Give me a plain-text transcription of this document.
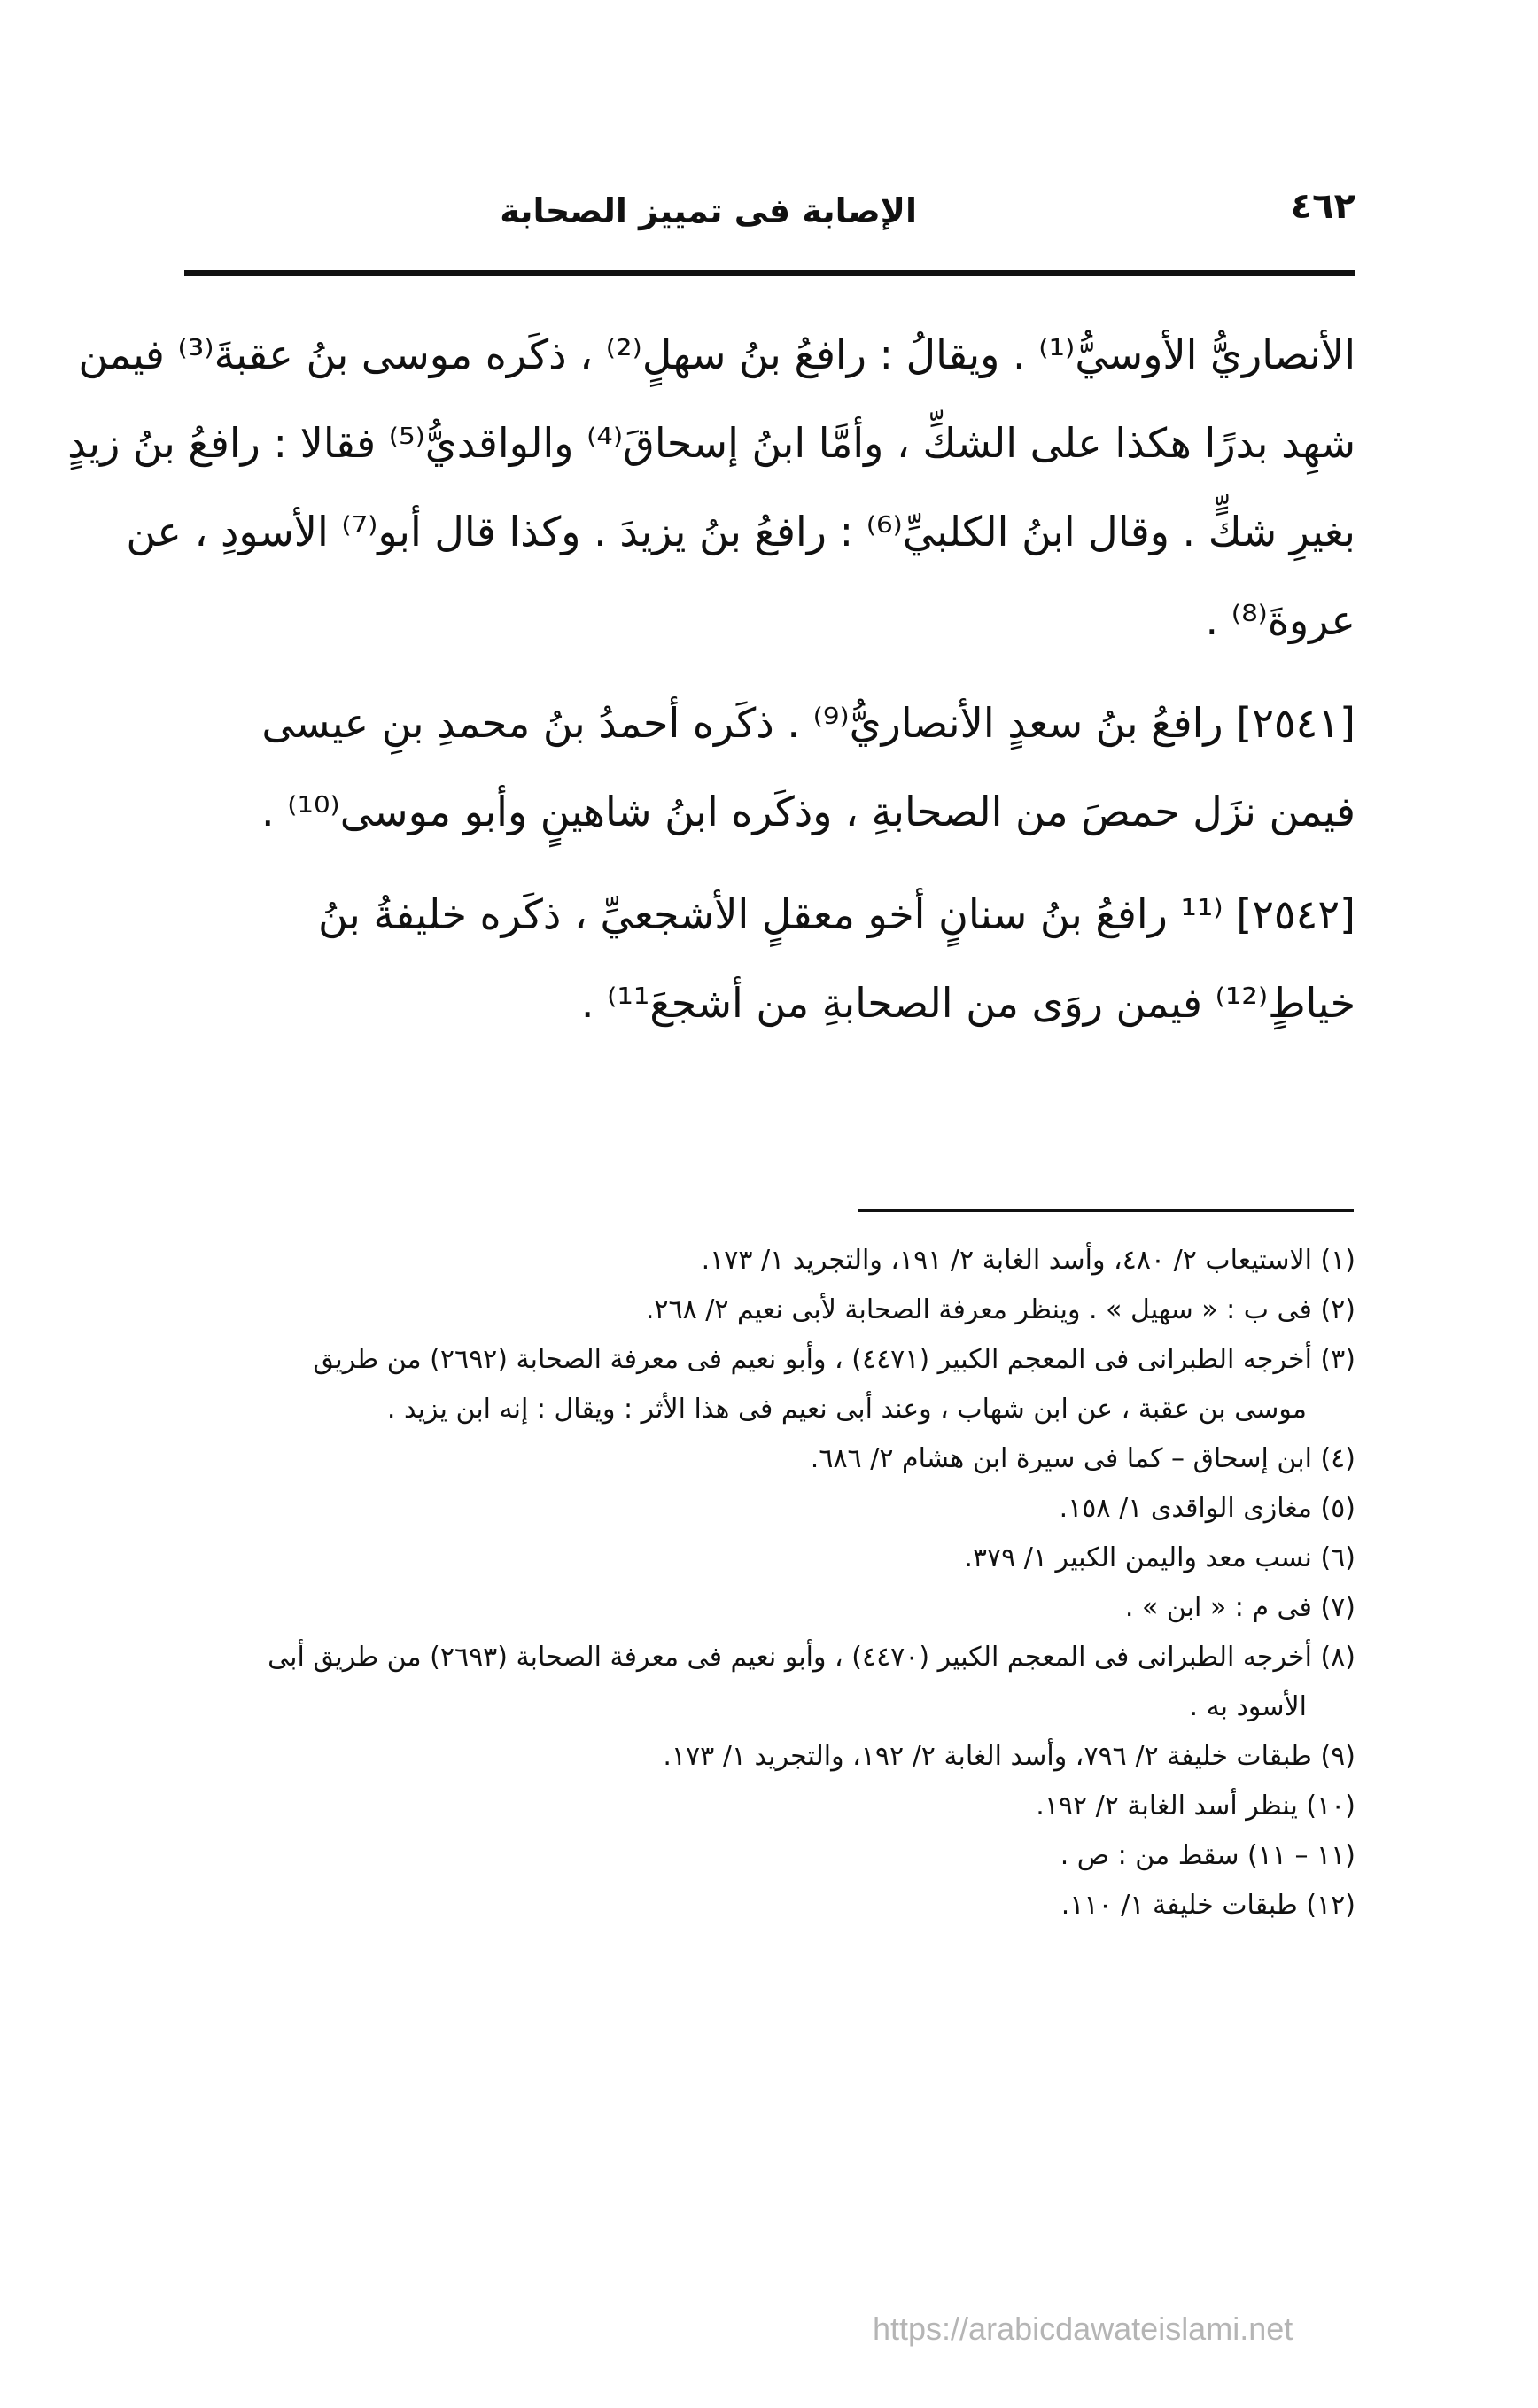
٤٦٢
الإصابة فى تمييز الصحابة
الأنصاريُّ الأوسيُّ⁽¹⁾ . ويقالُ : رافعُ بنُ سهلٍ⁽²⁾ ، ذكَره موسى بنُ عقبةَ⁽³⁾ فيمن
شهِد بدرًا هكذا على الشكِّ ، وأمَّا ابنُ إسحاقَ⁽⁴⁾ والواقديُّ⁽⁵⁾ فقالا : رافعُ بنُ زيدٍ
بغيرِ شكٍّ . وقال ابنُ الكلبيِّ⁽⁶⁾ : رافعُ بنُ يزيدَ . وكذا قال أبو⁽⁷⁾ الأسودِ ، عن
عروةَ⁽⁸⁾ .
[٢٥٤١] رافعُ بنُ سعدٍ الأنصاريُّ⁽⁹⁾ . ذكَره أحمدُ بنُ محمدِ بنِ عيسى
فيمن نزَل حمصَ من الصحابةِ ، وذكَره ابنُ شاهينٍ وأبو موسى⁽¹⁰⁾ .
[٢٥٤٢] ⁽¹¹ رافعُ بنُ سنانٍ أخو معقلٍ الأشجعيِّ ، ذكَره خليفةُ بنُ
خياطٍ⁽¹²⁾ فيمن روَى من الصحابةِ من أشجعَ¹¹⁾ .
(١) الاستيعاب ٢/ ٤٨٠، وأسد الغابة ٢/ ١٩١، والتجريد ١/ ١٧٣.
(٢) فى ب : « سهيل » . وينظر معرفة الصحابة لأبى نعيم ٢/ ٢٦٨.
(٣) أخرجه الطبرانى فى المعجم الكبير (٤٤٧١) ، وأبو نعيم فى معرفة الصحابة (٢٦٩٢) من طريق
موسى بن عقبة ، عن ابن شهاب ، وعند أبى نعيم فى هذا الأثر : ويقال : إنه ابن يزيد .
(٤) ابن إسحاق – كما فى سيرة ابن هشام ٢/ ٦٨٦.
(٥) مغازى الواقدى ١/ ١٥٨.
(٦) نسب معد واليمن الكبير ١/ ٣٧٩.
(٧) فى م : « ابن » .
(٨) أخرجه الطبرانى فى المعجم الكبير (٤٤٧٠) ، وأبو نعيم فى معرفة الصحابة (٢٦٩٣) من طريق أبى
الأسود به .
(٩) طبقات خليفة ٢/ ٧٩٦، وأسد الغابة ٢/ ١٩٢، والتجريد ١/ ١٧٣.
(١٠) ينظر أسد الغابة ٢/ ١٩٢.
(١١ – ١١) سقط من : ص .
(١٢) طبقات خليفة ١/ ١١٠.
https://arabicdawateislami.net
